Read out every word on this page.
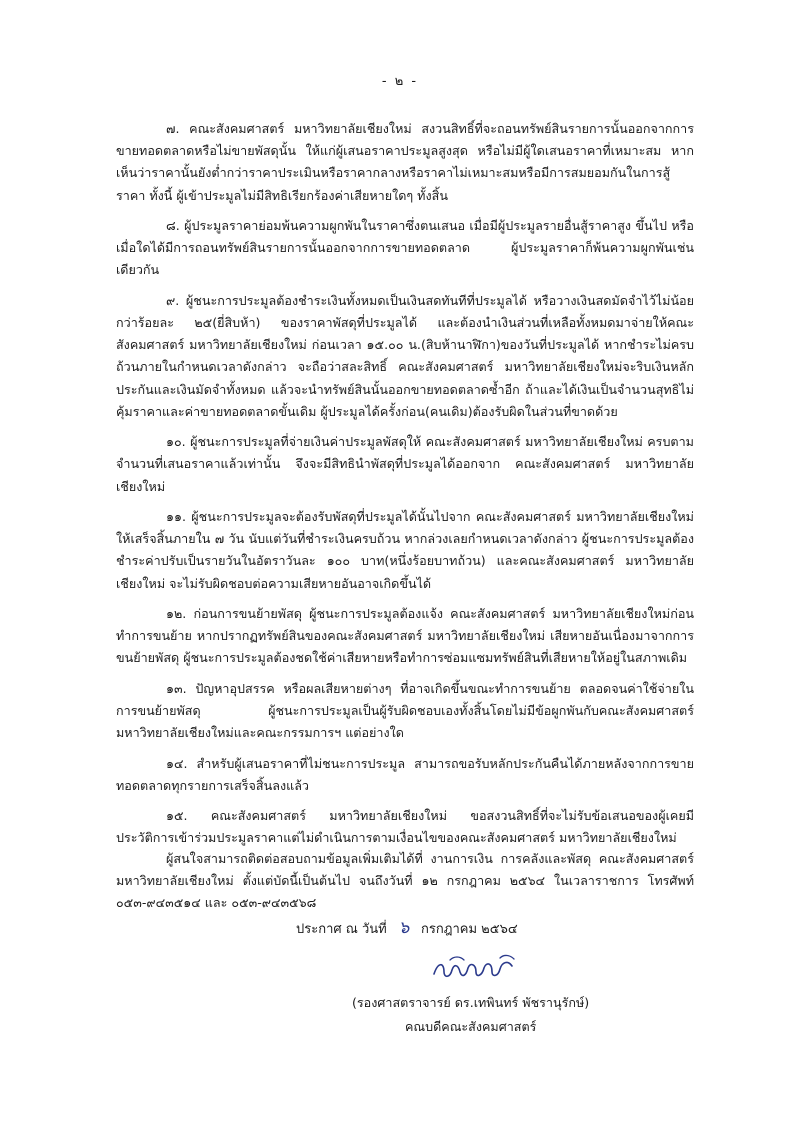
- ๒ -

๗. คณะสังคมศาสตร์ มหาวิทยาลัยเชียงใหม่ สงวนสิทธิ์ที่จะถอนทรัพย์สินรายการนั้นออกจากการขายทอดตลาดหรือไม่ขายพัสดุนั้น ให้แก่ผู้เสนอราคาประมูลสูงสุด หรือไม่มีผู้ใดเสนอราคาที่เหมาะสม หากเห็นว่าราคานั้นยังต่ำกว่าราคาประเมินหรือราคากลางหรือราคาไม่เหมาะสมหรือมีการสมยอมกันในการสู้ราคา ทั้งนี้ ผู้เข้าประมูลไม่มีสิทธิเรียกร้องค่าเสียหายใดๆ ทั้งสิ้น

๘. ผู้ประมูลราคาย่อมพ้นความผูกพันในราคาซึ่งตนเสนอ เมื่อมีผู้ประมูลรายอื่นสู้ราคาสูง ขึ้นไป หรือเมื่อใดได้มีการถอนทรัพย์สินรายการนั้นออกจากการขายทอดตลาด ผู้ประมูลราคาก็พ้นความผูกพันเช่นเดียวกัน

๙. ผู้ชนะการประมูลต้องชำระเงินทั้งหมดเป็นเงินสดทันทีที่ประมูลได้ หรือวางเงินสดมัดจำไว้ไม่น้อยกว่าร้อยละ ๒๕(ยี่สิบห้า) ของราคาพัสดุที่ประมูลได้ และต้องนำเงินส่วนที่เหลือทั้งหมดมาจ่ายให้คณะสังคมศาสตร์ มหาวิทยาลัยเชียงใหม่ ก่อนเวลา ๑๕.๐๐ น.(สิบห้านาฬิกา)ของวันที่ประมูลได้ หากชำระไม่ครบถ้วนภายในกำหนดเวลาดังกล่าว จะถือว่าสละสิทธิ์ คณะสังคมศาสตร์ มหาวิทยาลัยเชียงใหม่จะริบเงินหลักประกันและเงินมัดจำทั้งหมด แล้วจะนำทรัพย์สินนั้นออกขายทอดตลาดซ้ำอีก ถ้าและได้เงินเป็นจำนวนสุทธิไม่คุ้มราคาและค่าขายทอดตลาดขั้นเดิม ผู้ประมูลได้ครั้งก่อน(คนเดิม)ต้องรับผิดในส่วนที่ขาดด้วย

๑๐. ผู้ชนะการประมูลที่จ่ายเงินค่าประมูลพัสดุให้ คณะสังคมศาสตร์ มหาวิทยาลัยเชียงใหม่ ครบตามจำนวนที่เสนอราคาแล้วเท่านั้น จึงจะมีสิทธินำพัสดุที่ประมูลได้ออกจาก คณะสังคมศาสตร์ มหาวิทยาลัยเชียงใหม่

๑๑. ผู้ชนะการประมูลจะต้องรับพัสดุที่ประมูลได้นั้นไปจาก คณะสังคมศาสตร์ มหาวิทยาลัยเชียงใหม่ให้เสร็จสิ้นภายใน ๗ วัน นับแต่วันที่ชำระเงินครบถ้วน หากล่วงเลยกำหนดเวลาดังกล่าว ผู้ชนะการประมูลต้องชำระค่าปรับเป็นรายวันในอัตราวันละ ๑๐๐ บาท(หนึ่งร้อยบาทถ้วน) และคณะสังคมศาสตร์ มหาวิทยาลัยเชียงใหม่ จะไม่รับผิดชอบต่อความเสียหายอันอาจเกิดขึ้นได้

๑๒. ก่อนการขนย้ายพัสดุ ผู้ชนะการประมูลต้องแจ้ง คณะสังคมศาสตร์ มหาวิทยาลัยเชียงใหม่ก่อนทำการขนย้าย หากปรากฏทรัพย์สินของคณะสังคมศาสตร์ มหาวิทยาลัยเชียงใหม่ เสียหายอันเนื่องมาจากการขนย้ายพัสดุ ผู้ชนะการประมูลต้องชดใช้ค่าเสียหายหรือทำการซ่อมแซมทรัพย์สินที่เสียหายให้อยู่ในสภาพเดิม

๑๓. ปัญหาอุปสรรค หรือผลเสียหายต่างๆ ที่อาจเกิดขึ้นขณะทำการขนย้าย ตลอดจนค่าใช้จ่ายในการขนย้ายพัสดุ ผู้ชนะการประมูลเป็นผู้รับผิดชอบเองทั้งสิ้นโดยไม่มีข้อผูกพันกับคณะสังคมศาสตร์ มหาวิทยาลัยเชียงใหม่และคณะกรรมการฯ แต่อย่างใด

๑๔. สำหรับผู้เสนอราคาที่ไม่ชนะการประมูล สามารถขอรับหลักประกันคืนได้ภายหลังจากการขายทอดตลาดทุกรายการเสร็จสิ้นลงแล้ว

๑๕. คณะสังคมศาสตร์ มหาวิทยาลัยเชียงใหม่ ขอสงวนสิทธิ์ที่จะไม่รับข้อเสนอของผู้เคยมีประวัติการเข้าร่วมประมูลราคาแต่ไม่ดำเนินการตามเงื่อนไขของคณะสังคมศาสตร์ มหาวิทยาลัยเชียงใหม่

ผู้สนใจสามารถติดต่อสอบถามข้อมูลเพิ่มเติมได้ที่ งานการเงิน การคลังและพัสดุ คณะสังคมศาสตร์ มหาวิทยาลัยเชียงใหม่ ตั้งแต่บัดนี้เป็นต้นไป จนถึงวันที่ ๑๒ กรกฎาคม ๒๕๖๔ ในเวลาราชการ โทรศัพท์ ๐๕๓-๙๔๓๕๑๔ และ ๐๕๓-๙๔๓๕๖๘

ประกาศ ณ วันที่ ๖ กรกฎาคม ๒๕๖๔
(รองศาสตราจารย์ ดร.เทพินทร์ พัชรานุรักษ์)
คณบดีคณะสังคมศาสตร์
